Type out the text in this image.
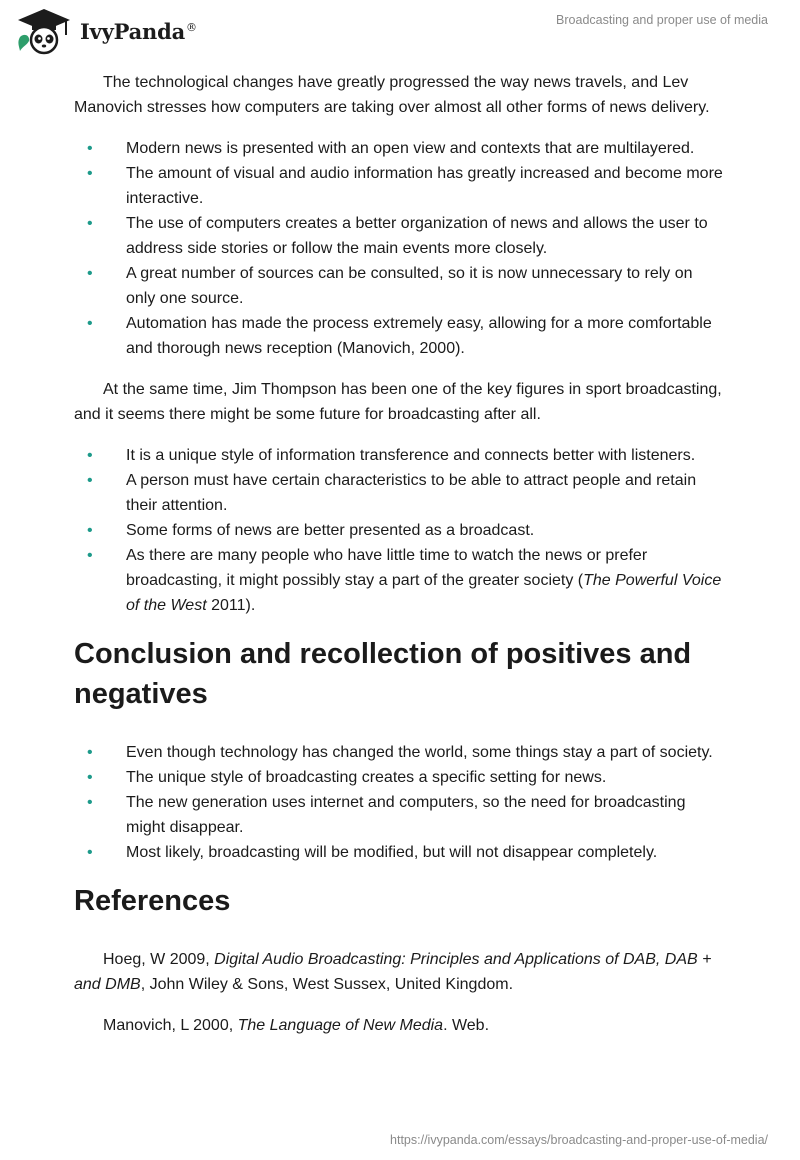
IvyPanda®	Broadcasting and proper use of media

The technological changes have greatly progressed the way news travels, and Lev Manovich stresses how computers are taking over almost all other forms of news delivery.

• Modern news is presented with an open view and contexts that are multilayered.
• The amount of visual and audio information has greatly increased and become more interactive.
• The use of computers creates a better organization of news and allows the user to address side stories or follow the main events more closely.
• A great number of sources can be consulted, so it is now unnecessary to rely on only one source.
• Automation has made the process extremely easy, allowing for a more comfortable and thorough news reception (Manovich, 2000).

At the same time, Jim Thompson has been one of the key figures in sport broadcasting, and it seems there might be some future for broadcasting after all.

• It is a unique style of information transference and connects better with listeners.
• A person must have certain characteristics to be able to attract people and retain their attention.
• Some forms of news are better presented as a broadcast.
• As there are many people who have little time to watch the news or prefer broadcasting, it might possibly stay a part of the greater society (The Powerful Voice of the West 2011).
Conclusion and recollection of positives and negatives
• Even though technology has changed the world, some things stay a part of society.
• The unique style of broadcasting creates a specific setting for news.
• The new generation uses internet and computers, so the need for broadcasting might disappear.
• Most likely, broadcasting will be modified, but will not disappear completely.
References

Hoeg, W 2009, Digital Audio Broadcasting: Principles and Applications of DAB, DAB + and DMB, John Wiley & Sons, West Sussex, United Kingdom.

Manovich, L 2000, The Language of New Media. Web.

https://ivypanda.com/essays/broadcasting-and-proper-use-of-media/
